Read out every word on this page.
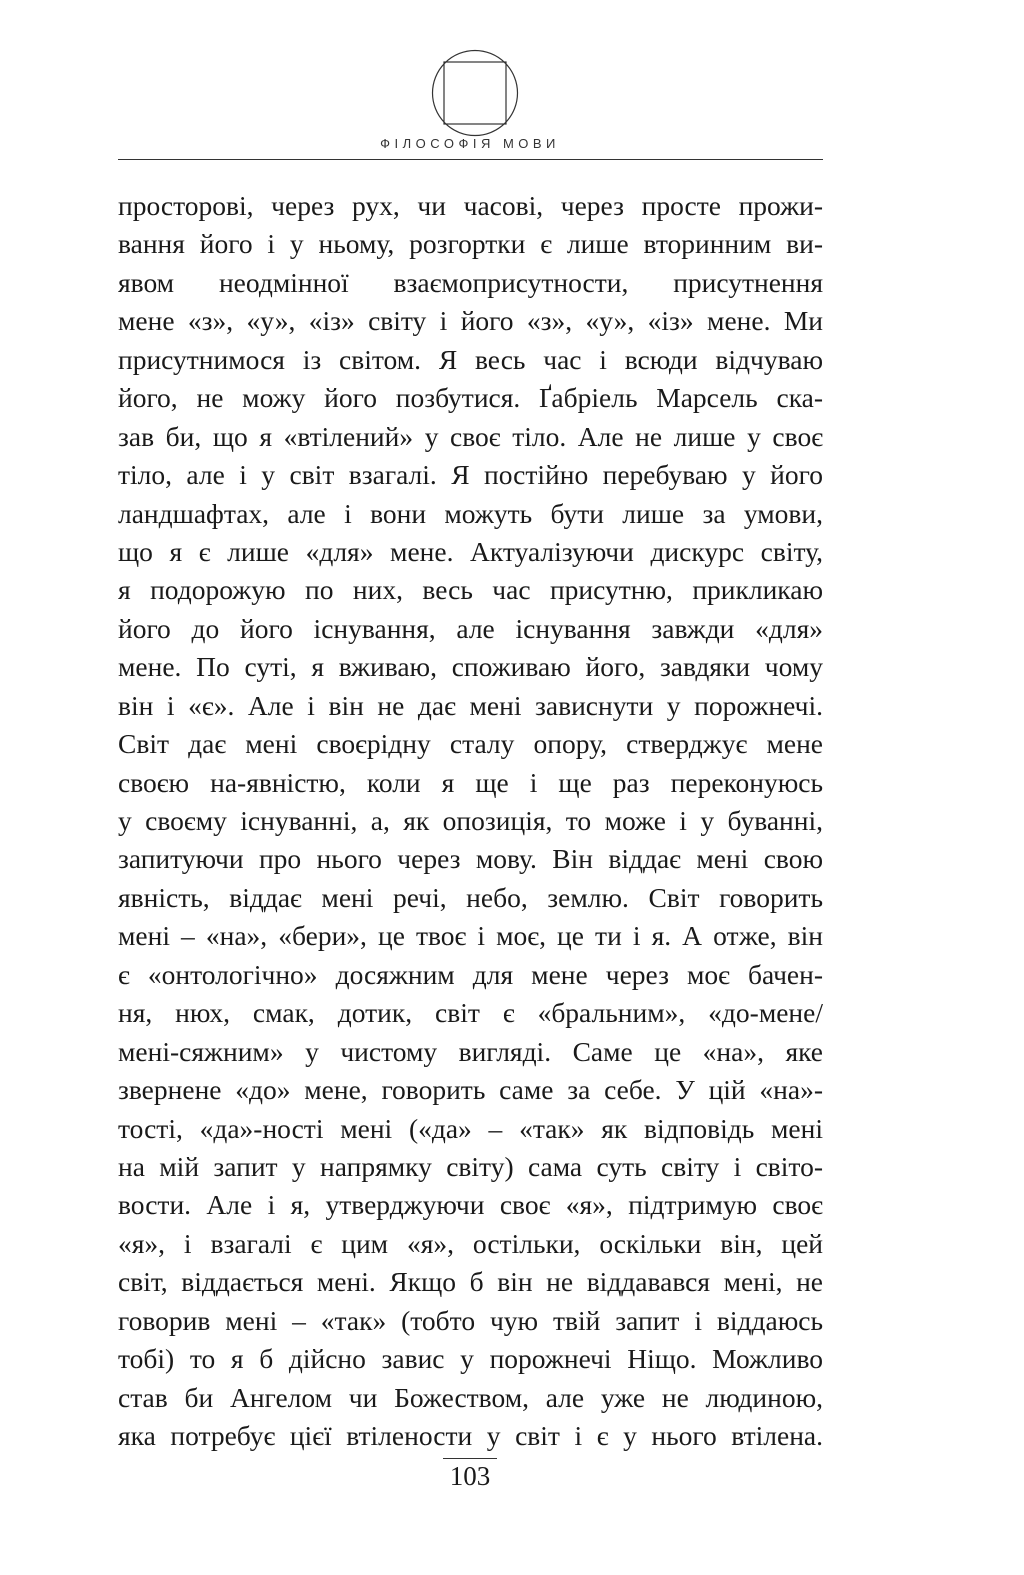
ФІЛОСОФІЯ МОВИ
просторові, через рух, чи часові, через просте прожи-
вання його і у ньому, розгортки є лише вторинним ви-
явом неодмінної взаємоприсутности, присутнення
мене «з», «у», «із» світу і його «з», «у», «із» мене. Ми
присутнимося із світом. Я весь час і всюди відчуваю
його, не можу його позбутися. Ґабріель Марсель ска-
зав би, що я «втілений» у своє тіло. Але не лише у своє
тіло, але і у світ взагалі. Я постійно перебуваю у його
ландшафтах, але і вони можуть бути лише за умови,
що я є лише «для» мене. Актуалізуючи дискурс світу,
я подорожую по них, весь час присутню, прикликаю
його до його існування, але існування завжди «для»
мене. По суті, я вживаю, споживаю його, завдяки чому
він і «є». Але і він не дає мені зависнути у порожнечі.
Світ дає мені своєрідну сталу опору, стверджує мене
своєю на-явністю, коли я ще і ще раз переконуюсь
у своєму існуванні, а, як опозиція, то може і у буванні,
запитуючи про нього через мову. Він віддає мені свою
явність, віддає мені речі, небо, землю. Світ говорить
мені – «на», «бери», це твоє і моє, це ти і я. А отже, він
є «онтологічно» досяжним для мене через моє бачен-
ня, нюх, смак, дотик, світ є «бральним», «до-мене/
мені-сяжним» у чистому вигляді. Саме це «на», яке
звернене «до» мене, говорить саме за себе. У цій «на»-
тості, «да»-ності мені («да» – «так» як відповідь мені
на мій запит у напрямку світу) сама суть світу і світо-
вости. Але і я, утверджуючи своє «я», підтримую своє
«я», і взагалі є цим «я», остільки, оскільки він, цей
світ, віддається мені. Якщо б він не віддавався мені, не
говорив мені – «так» (тобто чую твій запит і віддаюсь
тобі) то я б дійсно завис у порожнечі Ніщо. Можливо
став би Ангелом чи Божеством, але уже не людиною,
яка потребує цієї втілености у світ і є у нього втілена.
103
